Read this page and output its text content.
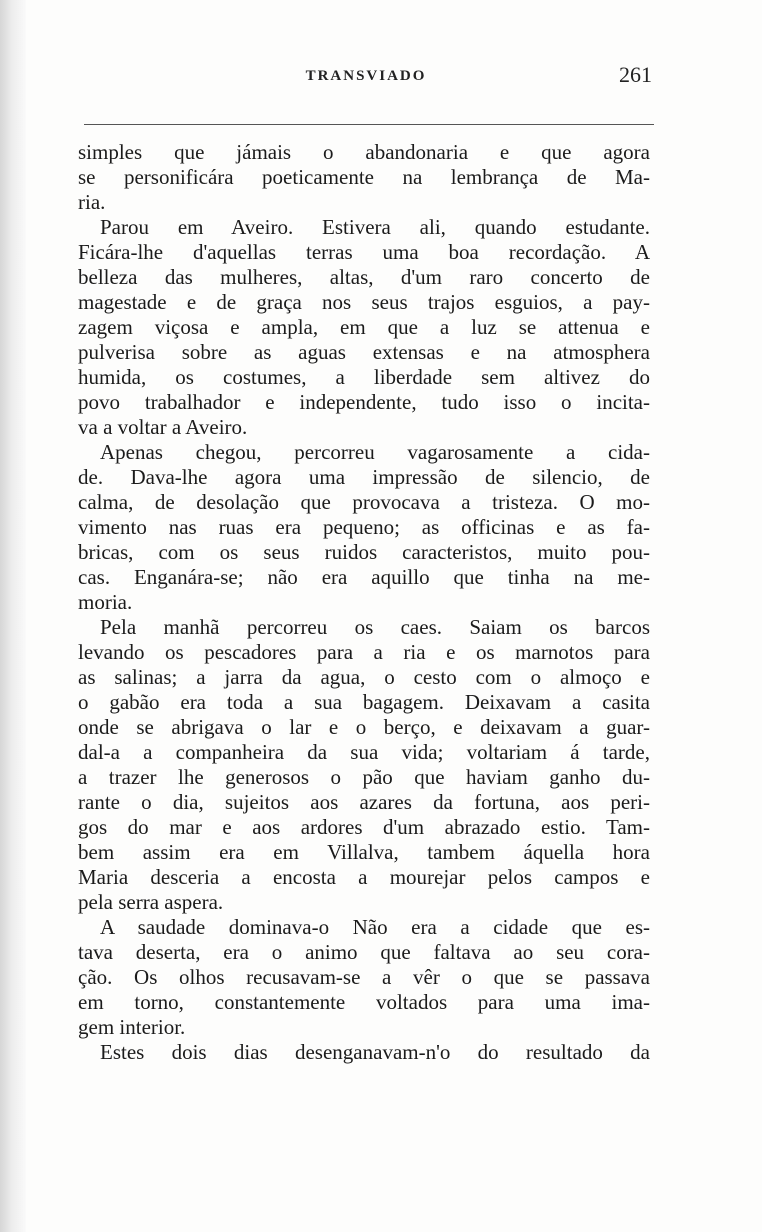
TRANSVIADO	261
simples que jámais o abandonaria e que agora
se personificára poeticamente na lembrança de Ma-
ria.
Parou em Aveiro. Estivera ali, quando estudante.
Ficára-lhe d'aquellas terras uma boa recordação. A
belleza das mulheres, altas, d'um raro concerto de
magestade e de graça nos seus trajos esguios, a pay-
zagem viçosa e ampla, em que a luz se attenua e
pulverisa sobre as aguas extensas e na atmosphera
humida, os costumes, a liberdade sem altivez do
povo trabalhador e independente, tudo isso o incita-
va a voltar a Aveiro.
Apenas chegou, percorreu vagarosamente a cida-
de. Dava-lhe agora uma impressão de silencio, de
calma, de desolação que provocava a tristeza. O mo-
vimento nas ruas era pequeno; as officinas e as fa-
bricas, com os seus ruidos caracteristos, muito pou-
cas. Enganára-se; não era aquillo que tinha na me-
moria.
Pela manhã percorreu os caes. Saiam os barcos
levando os pescadores para a ria e os marnotos para
as salinas; a jarra da agua, o cesto com o almoço e
o gabão era toda a sua bagagem. Deixavam a casita
onde se abrigava o lar e o berço, e deixavam a guar-
dal-a a companheira da sua vida; voltariam á tarde,
a trazer lhe generosos o pão que haviam ganho du-
rante o dia, sujeitos aos azares da fortuna, aos peri-
gos do mar e aos ardores d'um abrazado estio. Tam-
bem assim era em Villalva, tambem áquella hora
Maria desceria a encosta a mourejar pelos campos e
pela serra aspera.
A saudade dominava-o Não era a cidade que es-
tava deserta, era o animo que faltava ao seu cora-
ção. Os olhos recusavam-se a vêr o que se passava
em torno, constantemente voltados para uma ima-
gem interior.
Estes dois dias desenganavam-n'o do resultado da
